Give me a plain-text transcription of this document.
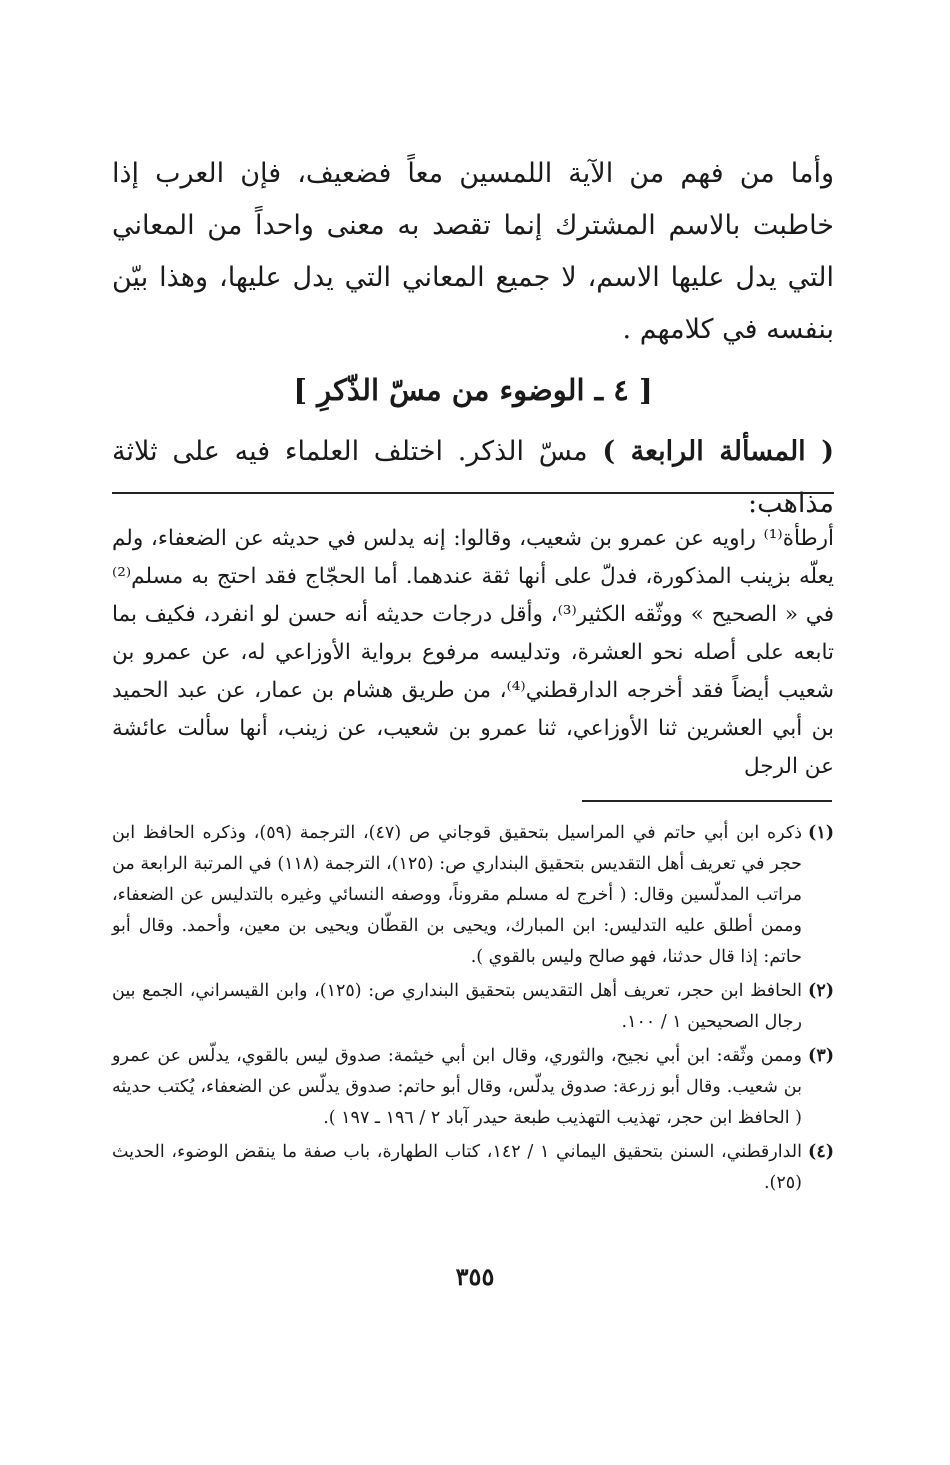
وأما من فهم من الآية اللمسين معاً فضعيف، فإن العرب إذا خاطبت بالاسم المشترك إنما تقصد به معنى واحداً من المعاني التي يدل عليها الاسم، لا جميع المعاني التي يدل عليها، وهذا بيّن بنفسه في كلامهم .

[ ٤ ـ الوضوء من مسّ الذّكرِ ]

( المسألة الرابعة ) مسّ الذكر. اختلف العلماء فيه على ثلاثة مذاهب:

أرطأة⁽¹⁾ راويه عن عمرو بن شعيب، وقالوا: إنه يدلس في حديثه عن الضعفاء، ولم يعلّه بزينب المذكورة، فدلّ على أنها ثقة عندهما. أما الحجّاج فقد احتج به مسلم⁽²⁾ في « الصحيح » ووثّقه الكثير⁽³⁾، وأقل درجات حديثه أنه حسن لو انفرد، فكيف بما تابعه على أصله نحو العشرة، وتدليسه مرفوع برواية الأوزاعي له، عن عمرو بن شعيب أيضاً فقد أخرجه الدارقطني⁽⁴⁾، من طريق هشام بن عمار، عن عبد الحميد بن أبي العشرين ثنا الأوزاعي، ثنا عمرو بن شعيب، عن زينب، أنها سألت عائشة عن الرجل

(١)
ذكره ابن أبي حاتم في المراسيل بتحقيق قوجاني ص (٤٧)، الترجمة (٥٩)، وذكره الحافظ ابن حجر في تعريف أهل التقديس بتحقيق البنداري ص: (١٢٥)، الترجمة (١١٨) في المرتبة الرابعة من مراتب المدلّسين وقال: ( أخرج له مسلم مقروناً، ووصفه النسائي وغيره بالتدليس عن الضعفاء، وممن أطلق عليه التدليس: ابن المبارك، ويحيى بن القطّان ويحيى بن معين، وأحمد. وقال أبو حاتم: إذا قال حدثنا، فهو صالح وليس بالقوي ).

(٢)
الحافظ ابن حجر، تعريف أهل التقديس بتحقيق البنداري ص: (١٢٥)، وابن القيسراني، الجمع بين رجال الصحيحين ١ / ١٠٠.

(٣)
وممن وثّقه: ابن أبي نجيح، والثوري، وقال ابن أبي خيثمة: صدوق ليس بالقوي، يدلّس عن عمرو بن شعيب. وقال أبو زرعة: صدوق يدلّس، وقال أبو حاتم: صدوق يدلّس عن الضعفاء، يُكتب حديثه ( الحافظ ابن حجر، تهذيب التهذيب طبعة حيدر آباد ٢ / ١٩٦ ـ ١٩٧ ).

(٤)
الدارقطني، السنن بتحقيق اليماني ١ / ١٤٢، كتاب الطهارة، باب صفة ما ينقض الوضوء، الحديث (٢٥).

٣٥٥
